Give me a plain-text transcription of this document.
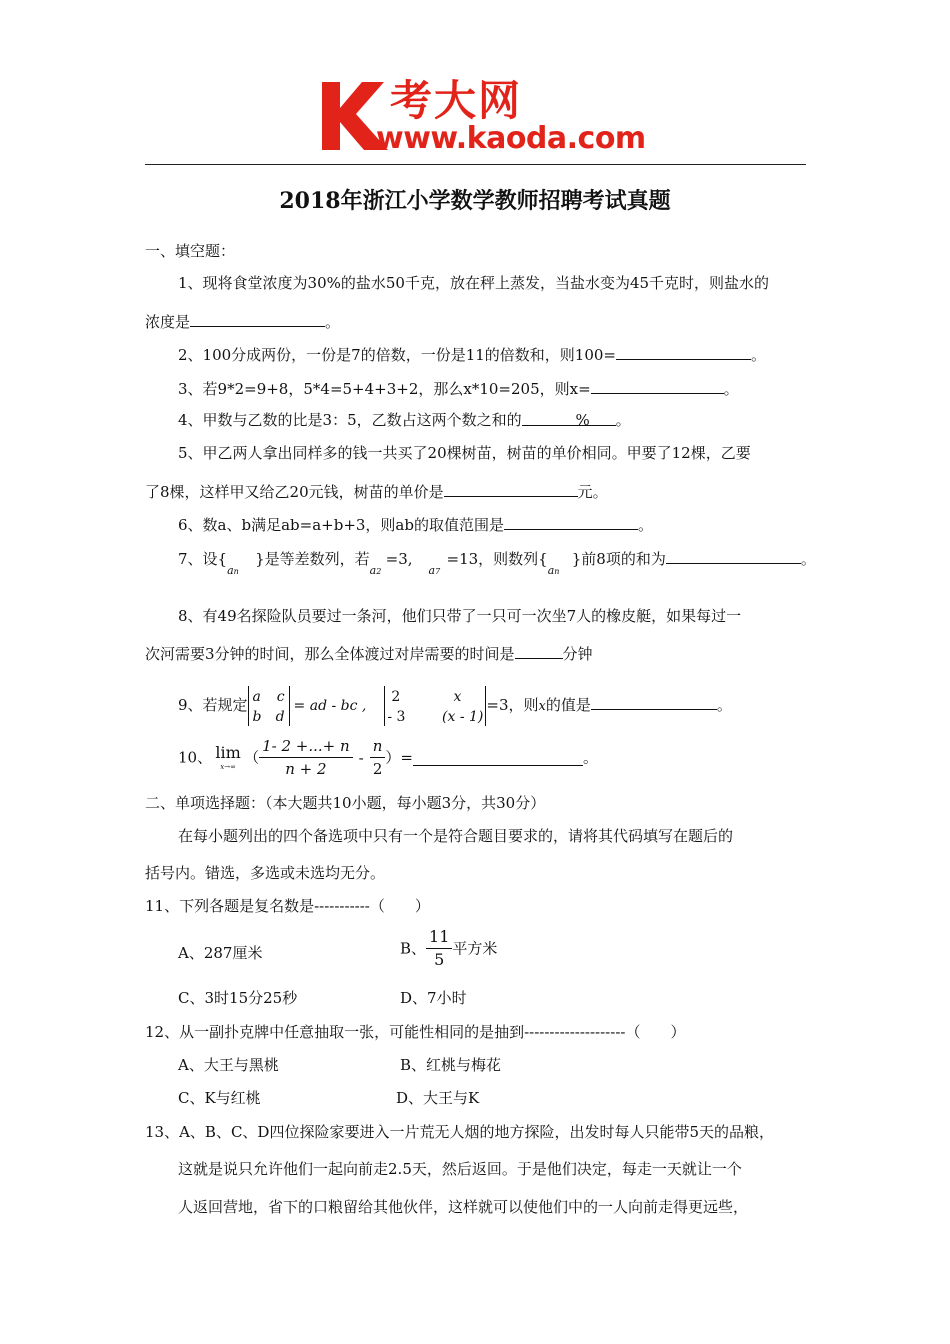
考大网
www.kaoda.com
2018年浙江小学数学教师招聘考试真题
一、填空题：
1、现将食堂浓度为30%的盐水50千克，放在秤上蒸发，当盐水变为45千克时，则盐水的
浓度是	。
2、100分成两份，一份是7的倍数，一份是11的倍数和，则100=	。
3、若9*2=9+8，5*4=5+4+3+2，那么x*10=205，则x=	。
4、甲数与乙数的比是3：5，乙数占这两个数之和的	% 。
5、甲乙两人拿出同样多的钱一共买了20棵树苗，树苗的单价相同。甲要了12棵，乙要
了8棵，这样甲又给乙20元钱，树苗的单价是	元。
6、数a、b满足ab=a+b+3，则ab的取值范围是	。
7、设{an}是等差数列，若a2=3,a7=13，则数列{an}前8项的和为	。
8、有49名探险队员要过一条河，他们只带了一只可一次坐7人的橡皮艇，如果每过一
次河需要3分钟的时间，那么全体渡过对岸需要的时间是	分钟
9、若规定 a c
b d
= ad - bc ,
2	x
- 3	(x - 1)
=3，则x的值是	。
10、 lim
x→∞ （ $\frac{1- 2 +...+ n}{n + 2} - \frac{n}{2}$ ）=	。
二、单项选择题：（本大题共10小题，每小题3分，共30分）
在每小题列出的四个备选项中只有一个是符合题目要求的，请将其代码填写在题后的
括号内。错选，多选或未选均无分。
11、下列各题是复名数是-----------（　　）
A、287厘米	B、 $\frac{11}{5}$ 平方米
C、3时15分25秒	D、7小时
12、从一副扑克牌中任意抽取一张，可能性相同的是抽到--------------------（　　）
A、大王与黑桃	B、红桃与梅花
C、K与红桃	D、大王与K
13、A、B、C、D四位探险家要进入一片荒无人烟的地方探险，出发时每人只能带5天的品粮，
这就是说只允许他们一起向前走2.5天，然后返回。于是他们决定，每走一天就让一个
人返回营地，省下的口粮留给其他伙伴，这样就可以使他们中的一人向前走得更远些，
